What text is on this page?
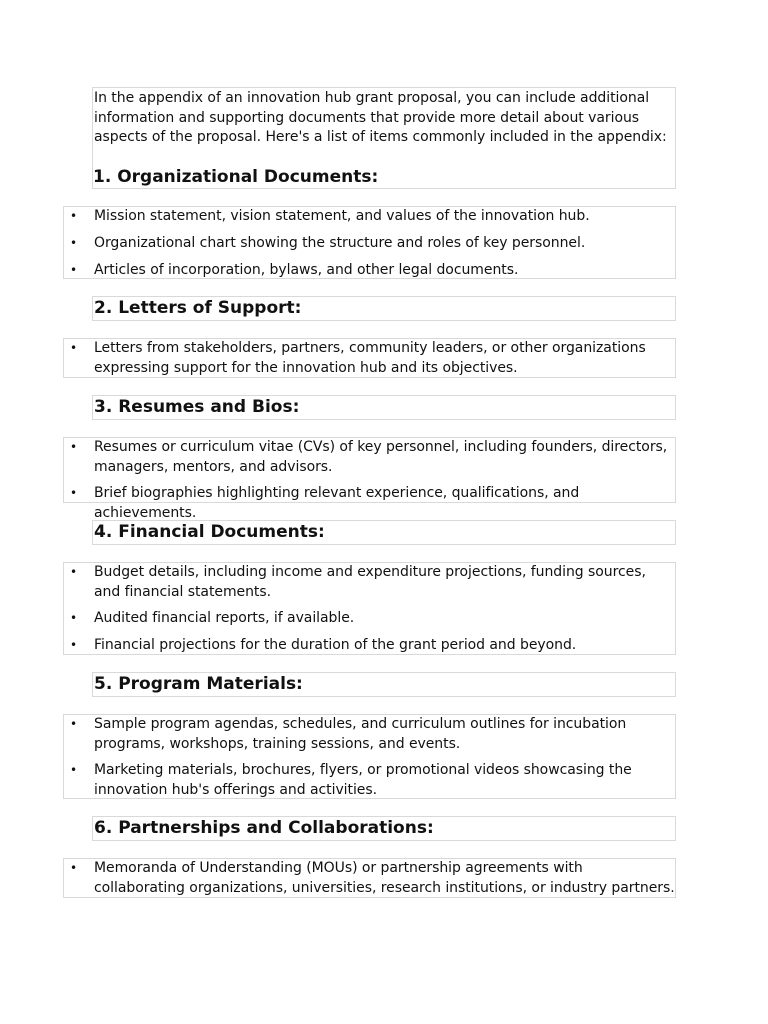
In the appendix of an innovation hub grant proposal, you can include additional information and supporting documents that provide more detail about various aspects of the proposal. Here's a list of items commonly included in the appendix:

1. Organizational Documents:
• Mission statement, vision statement, and values of the innovation hub.
• Organizational chart showing the structure and roles of key personnel.
• Articles of incorporation, bylaws, and other legal documents.
2. Letters of Support:
• Letters from stakeholders, partners, community leaders, or other organizations expressing support for the innovation hub and its objectives.
3. Resumes and Bios:
• Resumes or curriculum vitae (CVs) of key personnel, including founders, directors, managers, mentors, and advisors.
• Brief biographies highlighting relevant experience, qualifications, and achievements.
4. Financial Documents:
• Budget details, including income and expenditure projections, funding sources, and financial statements.
• Audited financial reports, if available.
• Financial projections for the duration of the grant period and beyond.
5. Program Materials:
• Sample program agendas, schedules, and curriculum outlines for incubation programs, workshops, training sessions, and events.
• Marketing materials, brochures, flyers, or promotional videos showcasing the innovation hub's offerings and activities.
6. Partnerships and Collaborations:
• Memoranda of Understanding (MOUs) or partnership agreements with collaborating organizations, universities, research institutions, or industry partners.
